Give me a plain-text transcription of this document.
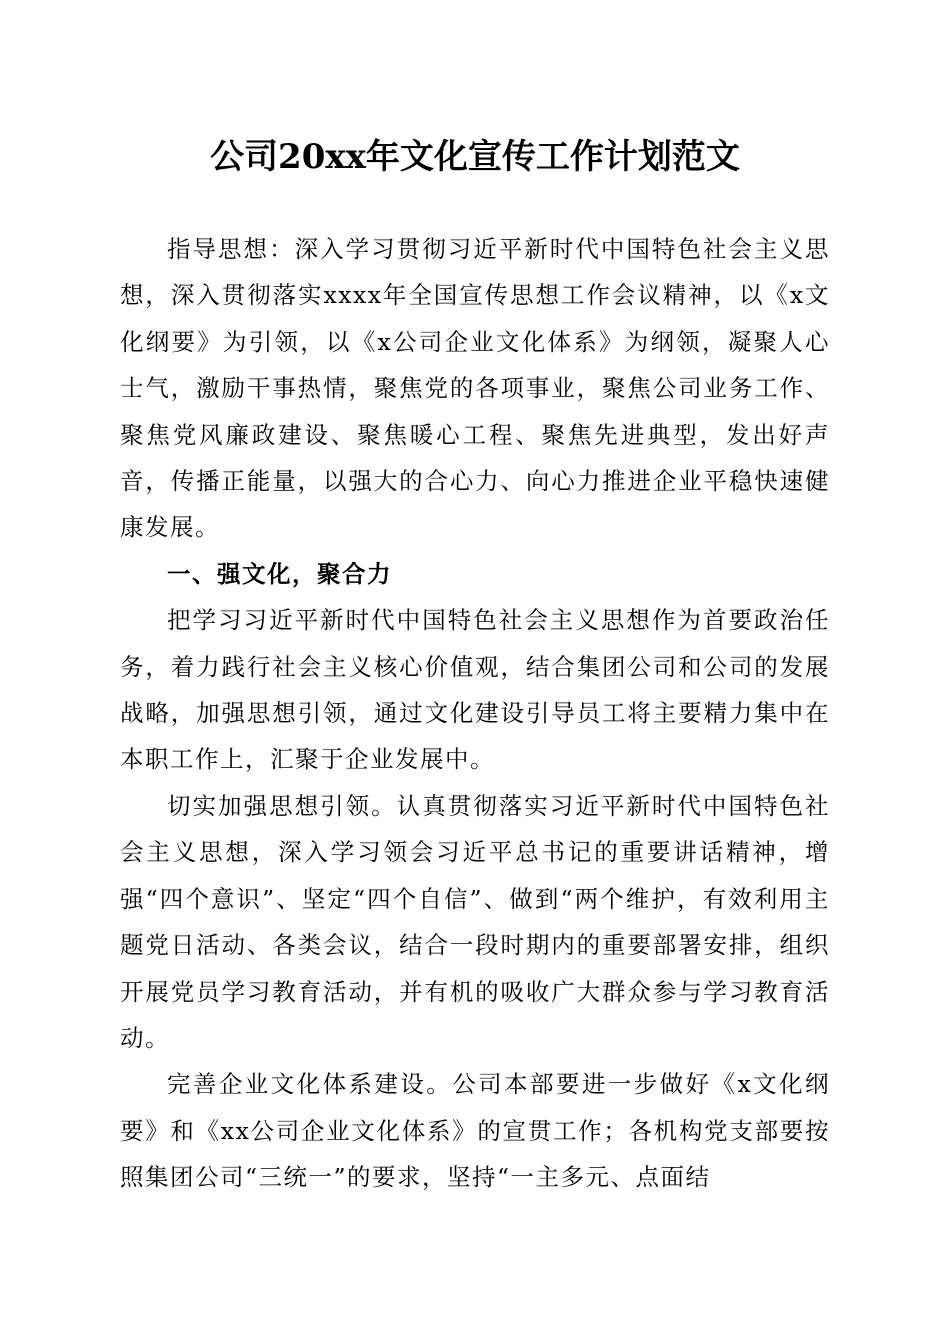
公司20xx年文化宣传工作计划范文

指导思想：深入学习贯彻习近平新时代中国特色社会主义思想，深入贯彻落实xxxx年全国宣传思想工作会议精神，以《x文化纲要》为引领，以《x公司企业文化体系》为纲领，凝聚人心士气，激励干事热情，聚焦党的各项事业，聚焦公司业务工作、聚焦党风廉政建设、聚焦暖心工程、聚焦先进典型，发出好声音，传播正能量，以强大的合心力、向心力推进企业平稳快速健康发展。

一、强文化，聚合力

把学习习近平新时代中国特色社会主义思想作为首要政治任务，着力践行社会主义核心价值观，结合集团公司和公司的发展战略，加强思想引领，通过文化建设引导员工将主要精力集中在本职工作上，汇聚于企业发展中。

切实加强思想引领。认真贯彻落实习近平新时代中国特色社会主义思想，深入学习领会习近平总书记的重要讲话精神，增强“四个意识”、坚定“四个自信”、做到“两个维护，有效利用主题党日活动、各类会议，结合一段时期内的重要部署安排，组织开展党员学习教育活动，并有机的吸收广大群众参与学习教育活动。

完善企业文化体系建设。公司本部要进一步做好《x文化纲要》和《xx公司企业文化体系》的宣贯工作；各机构党支部要按照集团公司“三统一”的要求，坚持“一主多元、点面结
